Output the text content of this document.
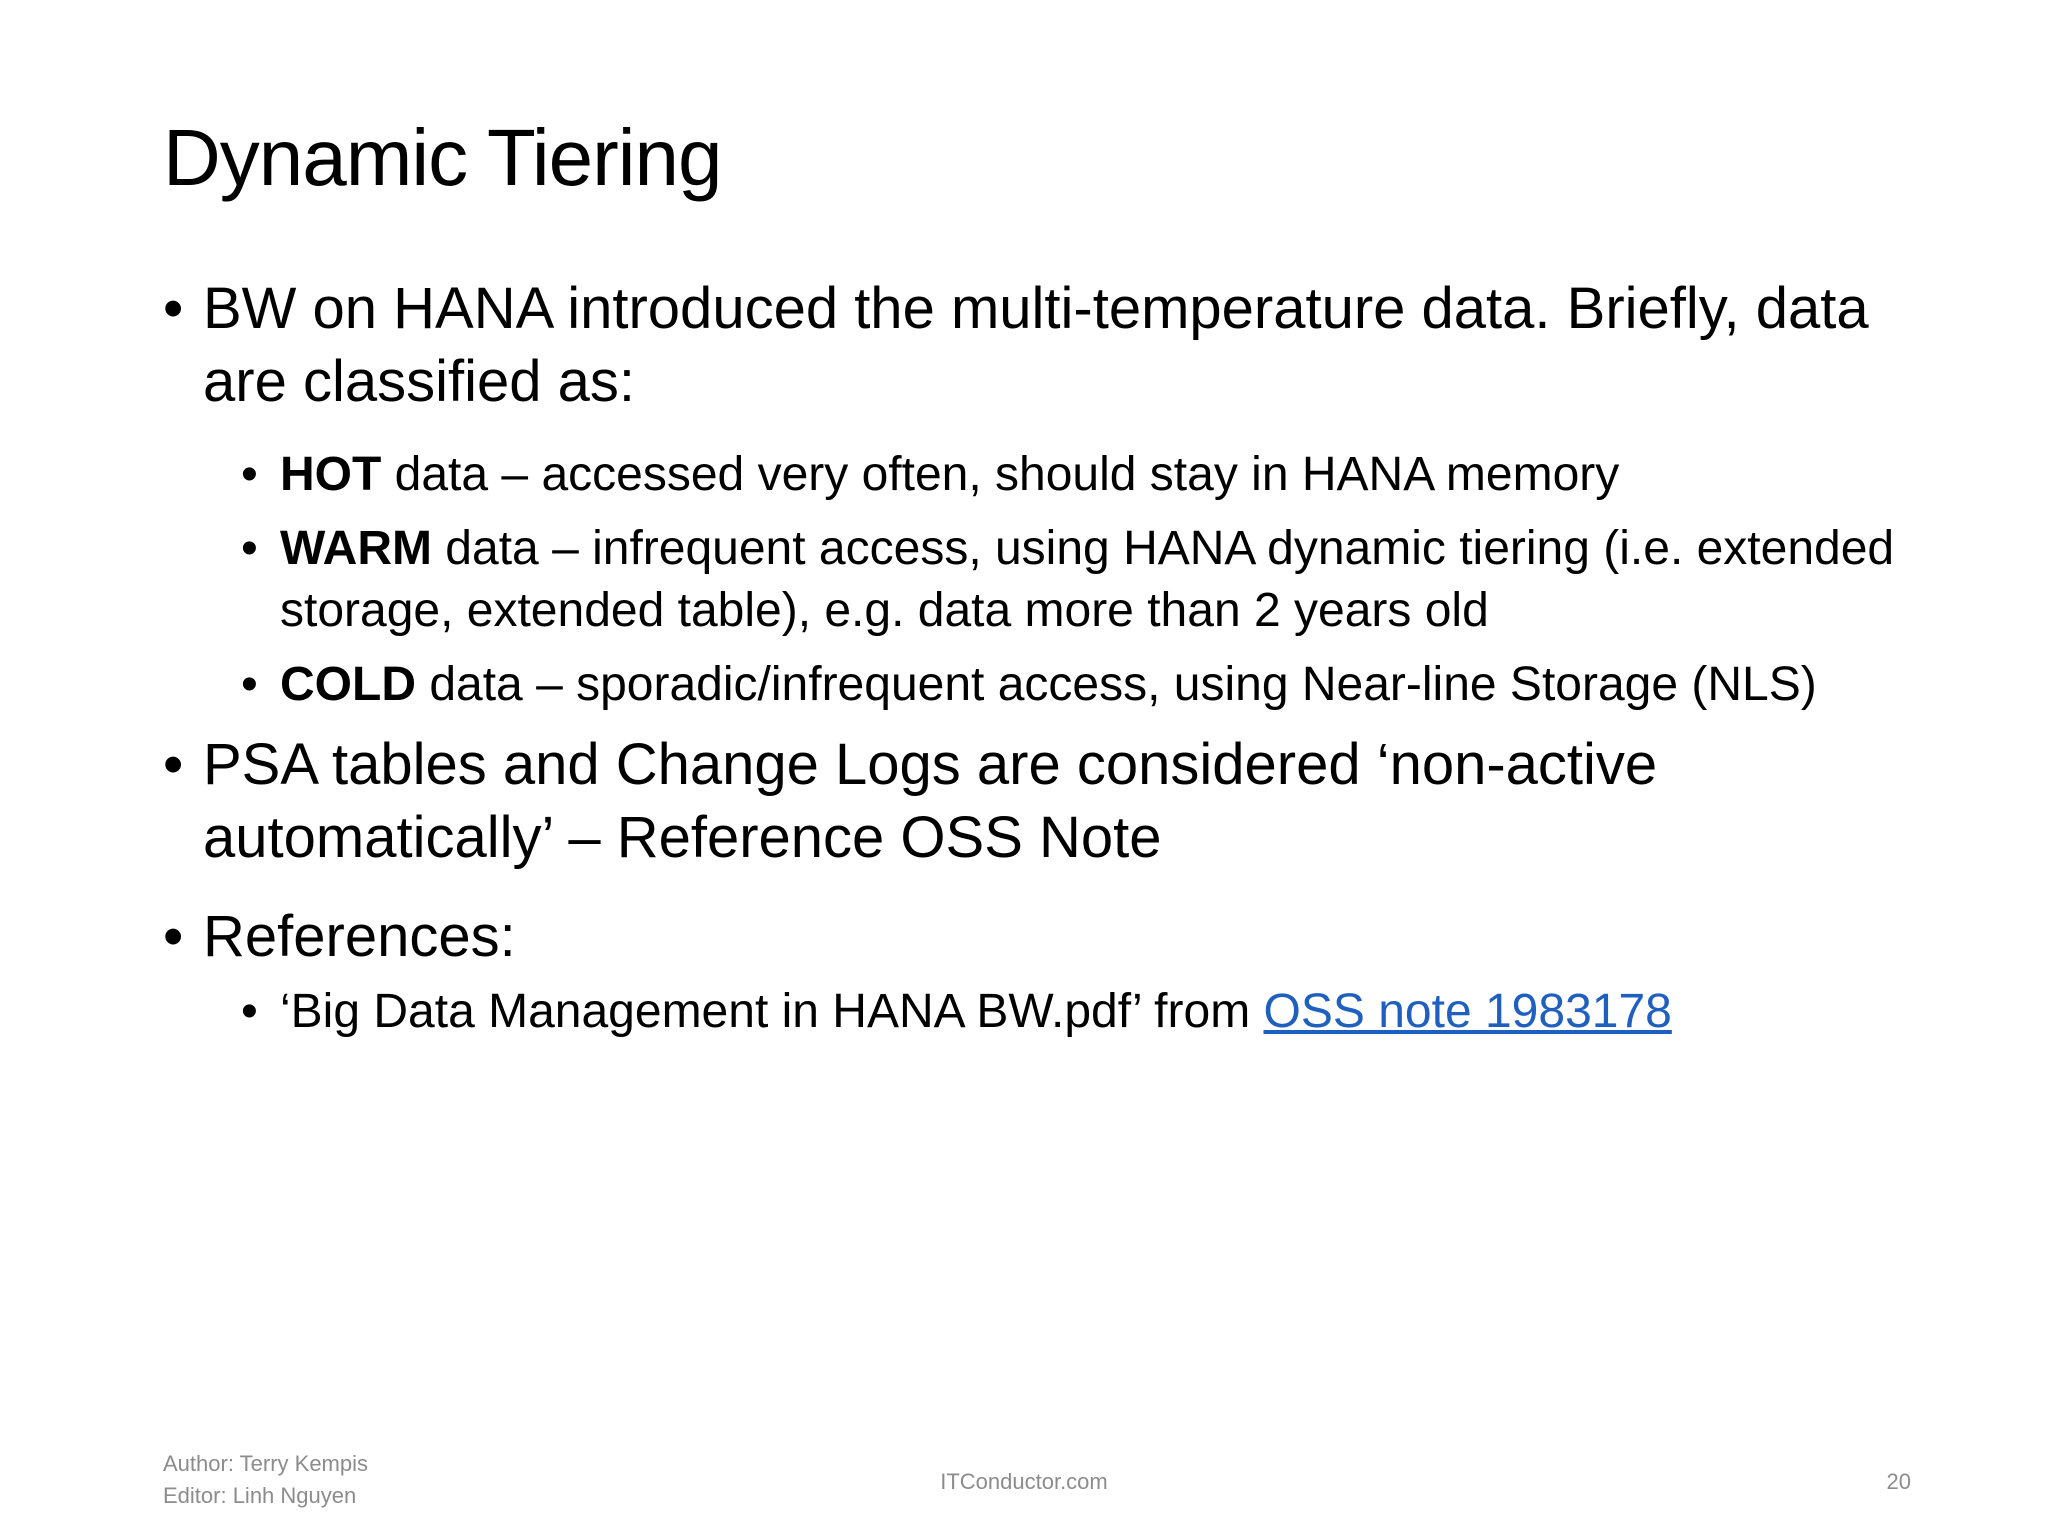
Dynamic Tiering
• BW on HANA introduced the multi-temperature data. Briefly, data are classified as:
• HOT data – accessed very often, should stay in HANA memory
• WARM data – infrequent access, using HANA dynamic tiering (i.e. extended storage, extended table), e.g. data more than 2 years old
• COLD data – sporadic/infrequent access, using Near-line Storage (NLS)
• PSA tables and Change Logs are considered ‘non-active automatically’ – Reference OSS Note
• References:
• ‘Big Data Management in HANA BW.pdf’ from OSS note 1983178
Author: Terry Kempis
Editor: Linh Nguyen
ITConductor.com	20
